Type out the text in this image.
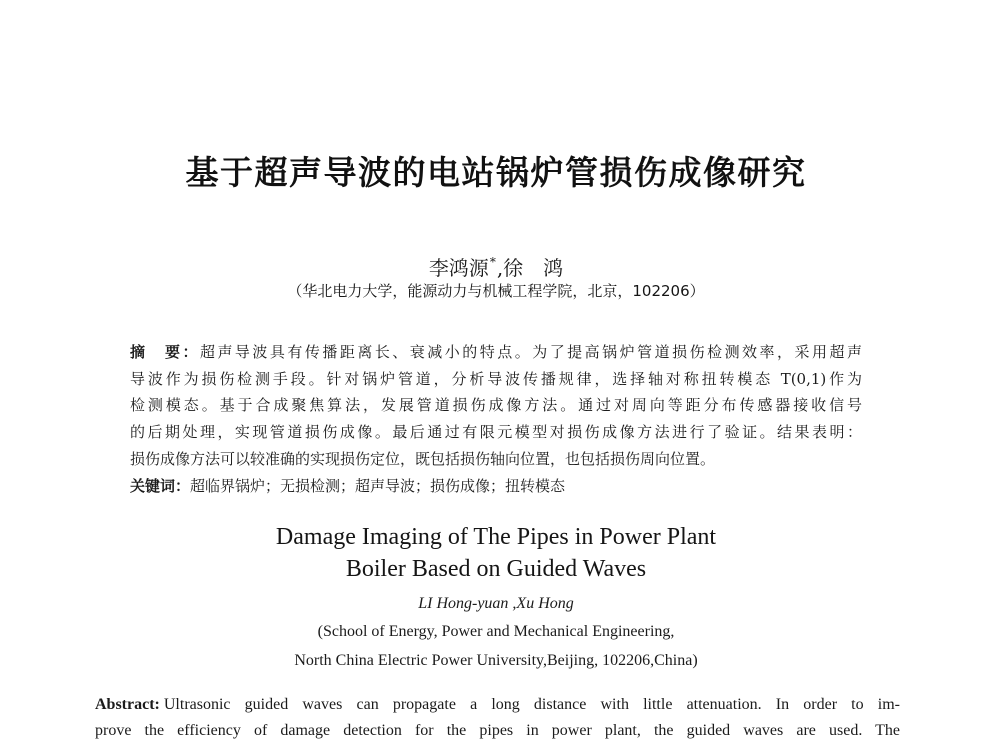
基于超声导波的电站锅炉管损伤成像研究
李鸿源*,徐　鸿
（华北电力大学，能源动力与机械工程学院，北京，102206）
摘　要：超声导波具有传播距离长、衰减小的特点。为了提高锅炉管道损伤检测效率，采用超声
导波作为损伤检测手段。针对锅炉管道，分析导波传播规律，选择轴对称扭转模态 T(0,1)作为
检测模态。基于合成聚焦算法，发展管道损伤成像方法。通过对周向等距分布传感器接收信号
的后期处理，实现管道损伤成像。最后通过有限元模型对损伤成像方法进行了验证。结果表明：
损伤成像方法可以较准确的实现损伤定位，既包括损伤轴向位置，也包括损伤周向位置。
关键词：超临界锅炉；无损检测；超声导波；损伤成像；扭转模态
Damage Imaging of The Pipes in Power Plant
Boiler Based on Guided Waves
LI Hong-yuan ,Xu Hong
(School of Energy, Power and Mechanical Engineering,
North China Electric Power University,Beijing, 102206,China)
Abstract: Ultrasonic guided waves can propagate a long distance with little attenuation. In order to im-
prove the efficiency of damage detection for the pipes in power plant, the guided waves are used. The
